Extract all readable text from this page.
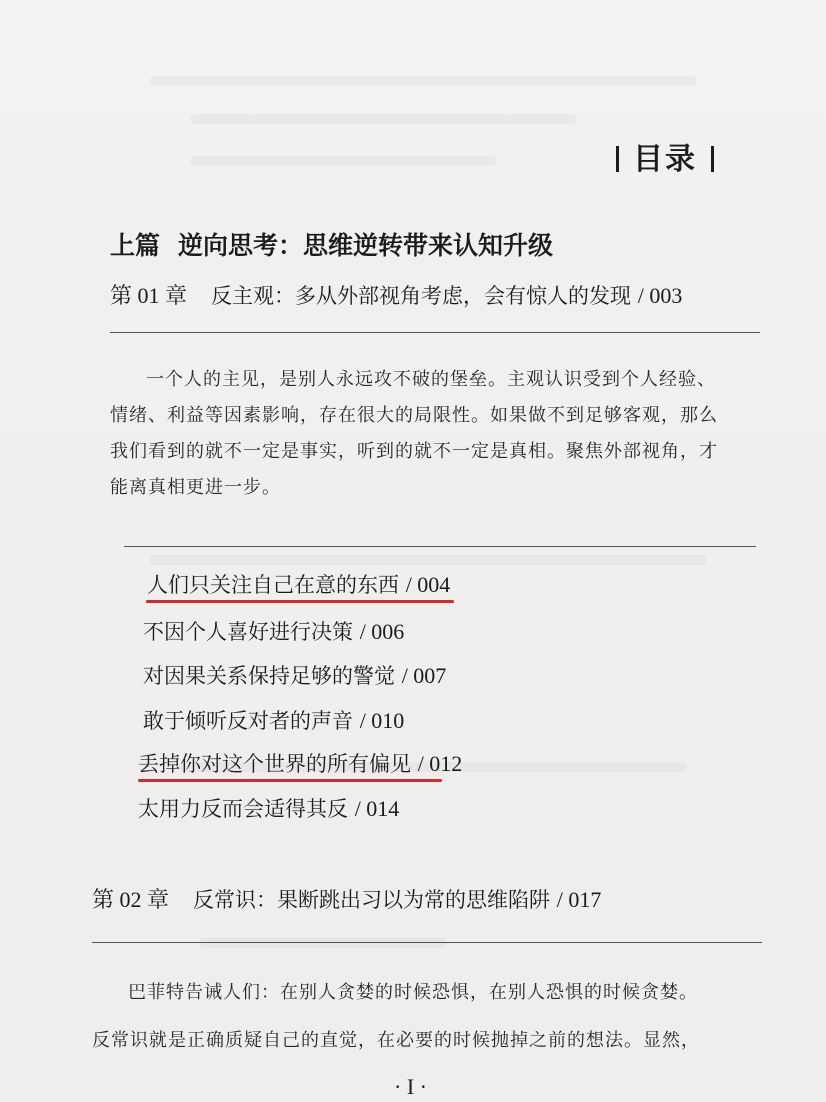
目录
上篇 逆向思考：思维逆转带来认知升级
第 01 章 反主观：多从外部视角考虑，会有惊人的发现 / 003

一个人的主见，是别人永远攻不破的堡垒。主观认识受到个人经验、
情绪、利益等因素影响，存在很大的局限性。如果做不到足够客观，那么
我们看到的就不一定是事实，听到的就不一定是真相。聚焦外部视角，才
能离真相更进一步。

人们只关注自己在意的东西 / 004
不因个人喜好进行决策 / 006
对因果关系保持足够的警觉 / 007
敢于倾听反对者的声音 / 010
丢掉你对这个世界的所有偏见 / 012
太用力反而会适得其反 / 014
第 02 章 反常识：果断跳出习以为常的思维陷阱 / 017

巴菲特告诫人们：在别人贪婪的时候恐惧，在别人恐惧的时候贪婪。
反常识就是正确质疑自己的直觉，在必要的时候抛掉之前的想法。显然，

· I ·
